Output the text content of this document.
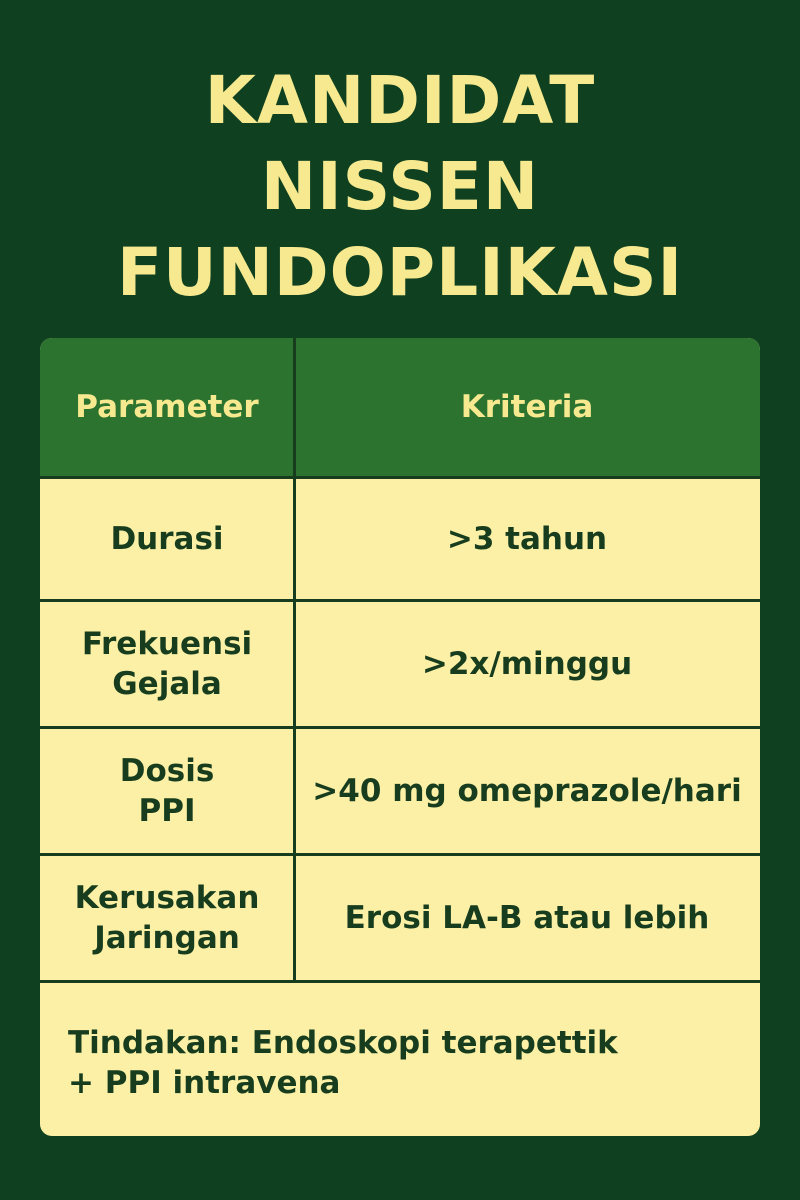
KANDIDAT
NISSEN
FUNDOPLIKASI
Parameter	Kriteria
Durasi	>3 tahun
Frekuensi
Gejala
>2x/minggu
Dosis
PPI
>40 mg omeprazole/hari
Kerusakan
Jaringan
Erosi LA-B atau lebih
Tindakan: Endoskopi terapettik
+ PPI intravena
